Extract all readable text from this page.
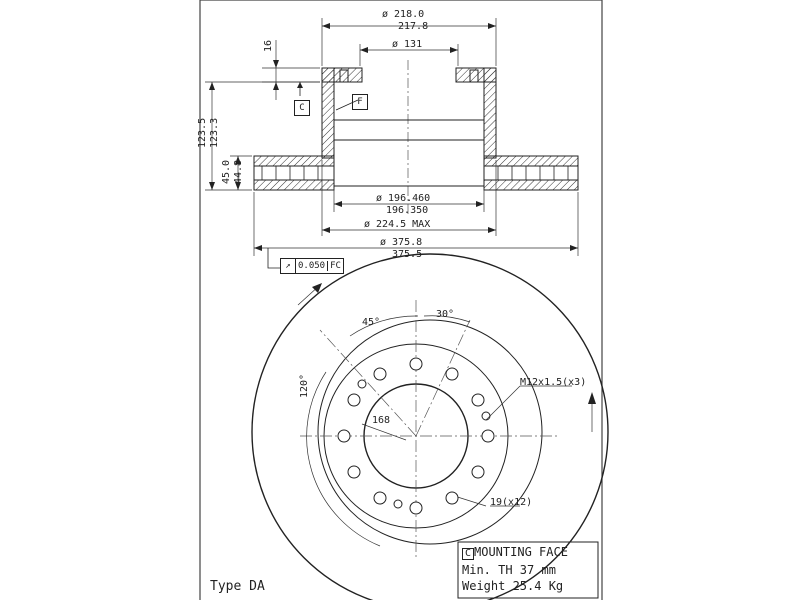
ø 218.0
217.8
ø 131
16
123.5 123.3
45.0 44.8
ø 196.460
196.350
ø 224.5 MAX
ø 375.8
375.5
C
F
↗ 0.050 FC
45°
30°
120°
168
M12x1.5(x3)
19(x12)
C MOUNTING FACE
Min. TH 37 mm
Weight 25.4 Kg
Type DA
